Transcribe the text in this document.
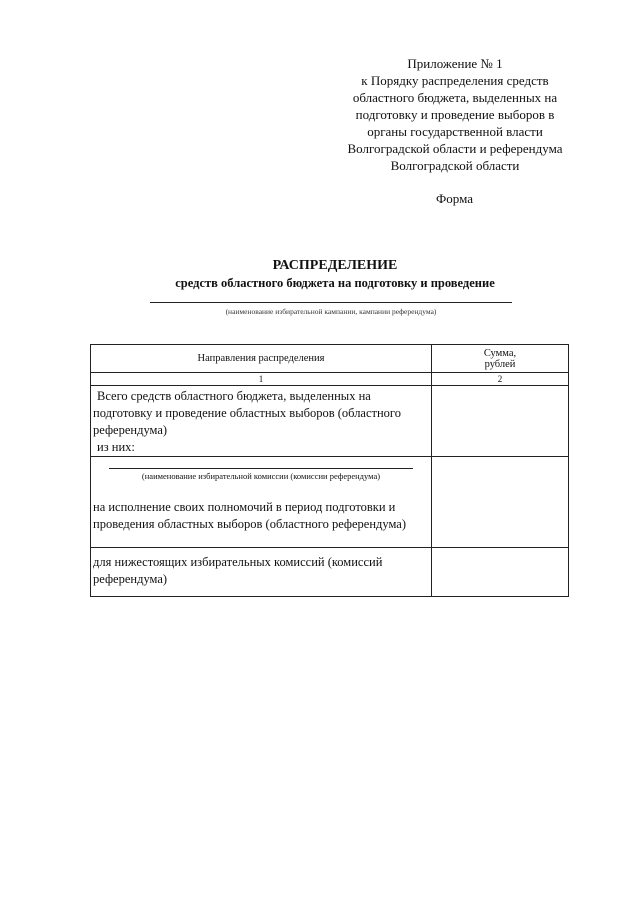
Приложение № 1
к Порядку распределения средств
областного бюджета, выделенных на
подготовку и проведение выборов в
органы государственной власти
Волгоградской области и референдума
Волгоградской области
Форма
РАСПРЕДЕЛЕНИЕ
средств областного бюджета на подготовку и проведение
(наименование избирательной кампании, кампании референдума)
Направления распределения	Сумма,
рублей

1	2

Всего средств областного бюджета, выделенных на
подготовку и проведение областных выборов (областного
референдума)
из них:	

(наименование избирательной комиссии (комиссии референдума)
на исполнение своих полномочий в период подготовки и
проведения областных выборов (областного референдума)	

для нижестоящих избирательных комиссий (комиссий
референдума)	
